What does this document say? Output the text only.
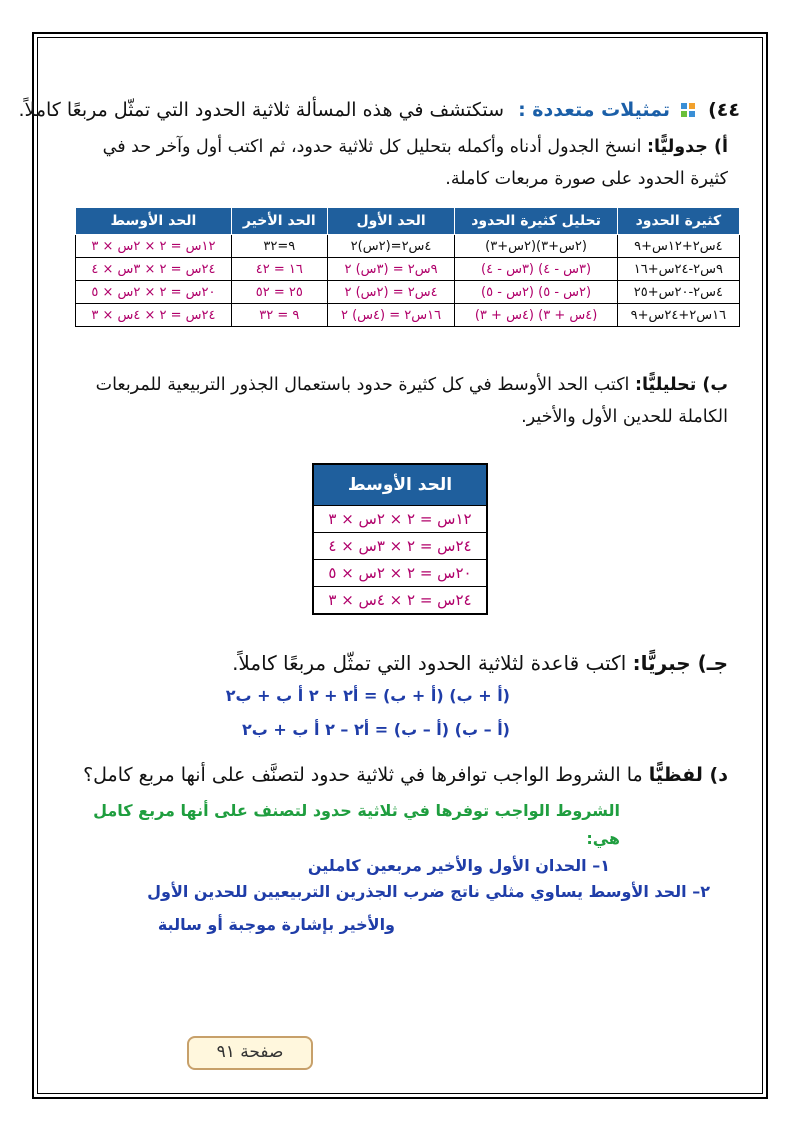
٤٤)  تمثيلات متعددة : ستكتشف في هذه المسألة ثلاثية الحدود التي تمثّل مربعًا كاملاً.

أ) جدوليًّا: انسخ الجدول أدناه وأكمله بتحليل كل ثلاثية حدود، ثم اكتب أول وآخر حد في كثيرة الحدود على صورة مربعات كاملة.

كثيرة الحدود	تحليل كثيرة الحدود	الحد الأول	الحد الأخير	الحد الأوسط
٤س٢+١٢س+٩	(٢س+٣)(٢س+٣)	٤س٢=(٢س)٢	٩=٣٢	١٢س = ٢ × ٢س × ٣
٩س٢-٢٤س+١٦	(٣س - ٤) (٣س - ٤)	٩س٢ = (٣س) ٢	١٦ = ٤٢	٢٤س = ٢ × ٣س × ٤
٤س٢-٢٠س+٢٥	(٢س - ٥) (٢س - ٥)	٤س٢ = (٢س) ٢	٢٥ = ٥٢	٢٠س = ٢ × ٢س × ٥
١٦س٢+٢٤س+٩	(٤س + ٣) (٤س + ٣)	١٦س٢ = (٤س) ٢	٩ = ٣٢	٢٤س = ٢ × ٤س × ٣

ب) تحليليًّا: اكتب الحد الأوسط في كل كثيرة حدود باستعمال الجذور التربيعية للمربعات الكاملة للحدين الأول والأخير.

الحد الأوسط
١٢س = ٢ × ٢س × ٣
٢٤س = ٢ × ٣س × ٤
٢٠س = ٢ × ٢س × ٥
٢٤س = ٢ × ٤س × ٣

جـ) جبريًّا: اكتب قاعدة لثلاثية الحدود التي تمثّل مربعًا كاملاً.

(أ + ب) (أ + ب) = أ٢ + ٢ أ ب + ب٢
(أ – ب) (أ – ب) = أ٢ – ٢ أ ب + ب٢

د) لفظيًّا ما الشروط الواجب توافرها في ثلاثية حدود لتصنَّف على أنها مربع كامل؟

الشروط الواجب توفرها في ثلاثية حدود لتصنف على أنها مربع كامل هي:
١– الحدان الأول والأخير مربعين كاملين
٢– الحد الأوسط يساوي مثلي ناتج ضرب الجذرين التربيعيين للحدين الأول
والأخير بإشارة موجبة أو سالبة
صفحة ٩١
